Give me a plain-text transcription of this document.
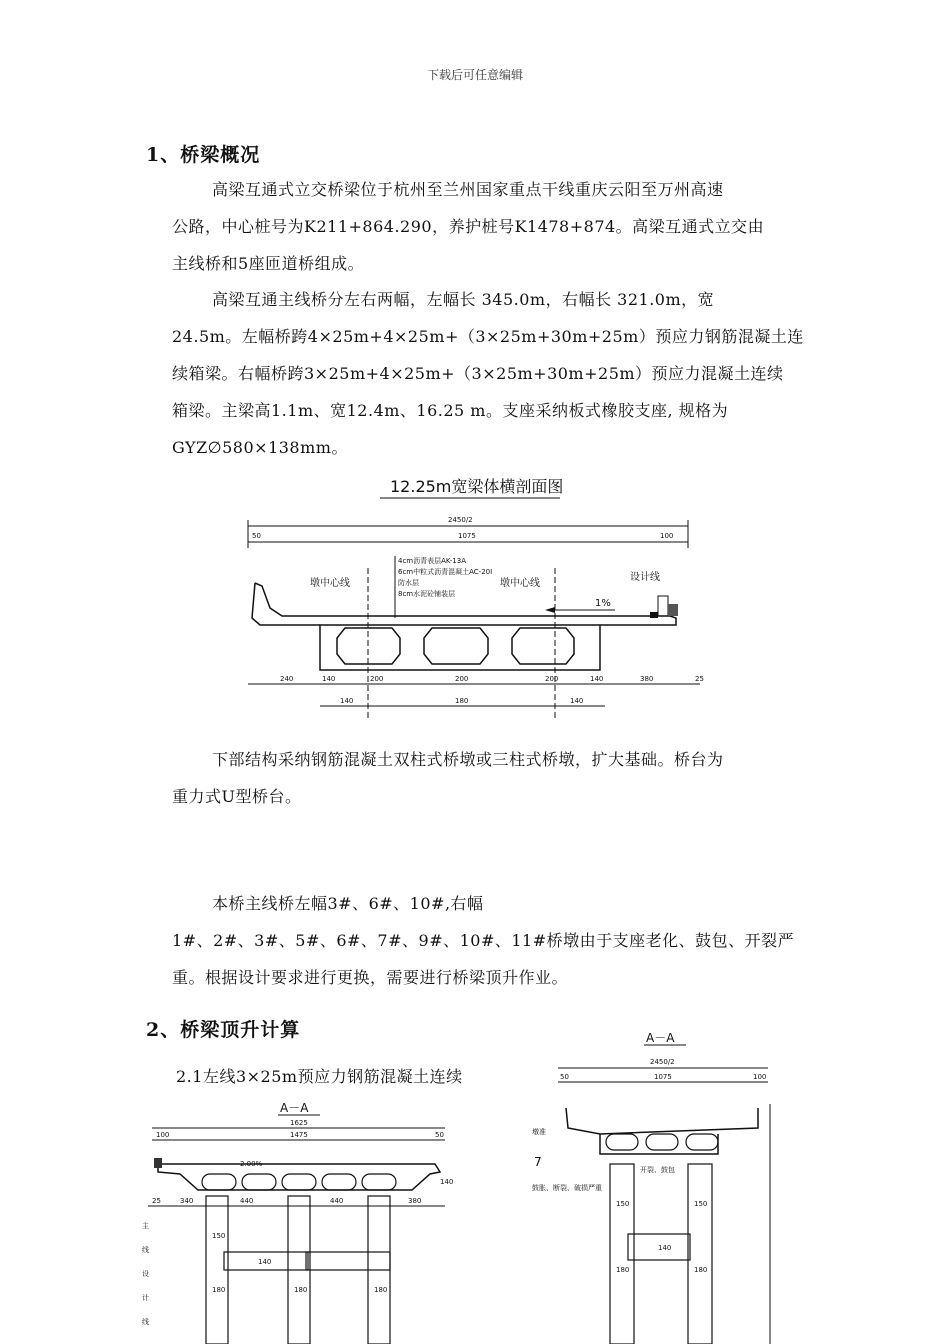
下载后可任意编辑
1、桥梁概况
高梁互通式立交桥梁位于杭州至兰州国家重点干线重庆云阳至万州高速
公路，中心桩号为K211+864.290，养护桩号K1478+874。高梁互通式立交由
主线桥和5座匝道桥组成。
高梁互通主线桥分左右两幅，左幅长 345.0m，右幅长 321.0m，宽
24.5m。左幅桥跨4×25m+4×25m+（3×25m+30m+25m）预应力钢筋混凝土连
续箱梁。右幅桥跨3×25m+4×25m+（3×25m+30m+25m）预应力混凝土连续
箱梁。主梁高1.1m、宽12.4m、16.25 m。支座采纳板式橡胶支座, 规格为
GYZ∅580×138mm。
12.25m宽梁体横剖面图
2450/2
1075
50	100
墩中心线	墩中心线
设计线
1%
4cm沥青表层AK-13A
6cm中粒式沥青混凝土AC-20I
防水层
8cm水泥砼铺装层
240	140	200	200	200	140	380	25
140	180	140
下部结构采纳钢筋混凝土双柱式桥墩或三柱式桥墩，扩大基础。桥台为
重力式U型桥台。
本桥主线桥左幅3#、6#、10#,右幅
1#、2#、3#、5#、6#、7#、9#、10#、11#桥墩由于支座老化、鼓包、开裂严
重。根据设计要求进行更换，需要进行桥梁顶升作业。
2、桥梁顶升计算
2.1左线3×25m预应力钢筋混凝土连续
A－A
1625
100	1475	50
2.00%
25	340	440	440	380
140
150
180	180	180
140
主
线
设
计
线
A－A
2450/2
50	1075	100
墩准
7
开裂、鼓包
鼓胀、断裂、破损严重
150	150
140
180	180
